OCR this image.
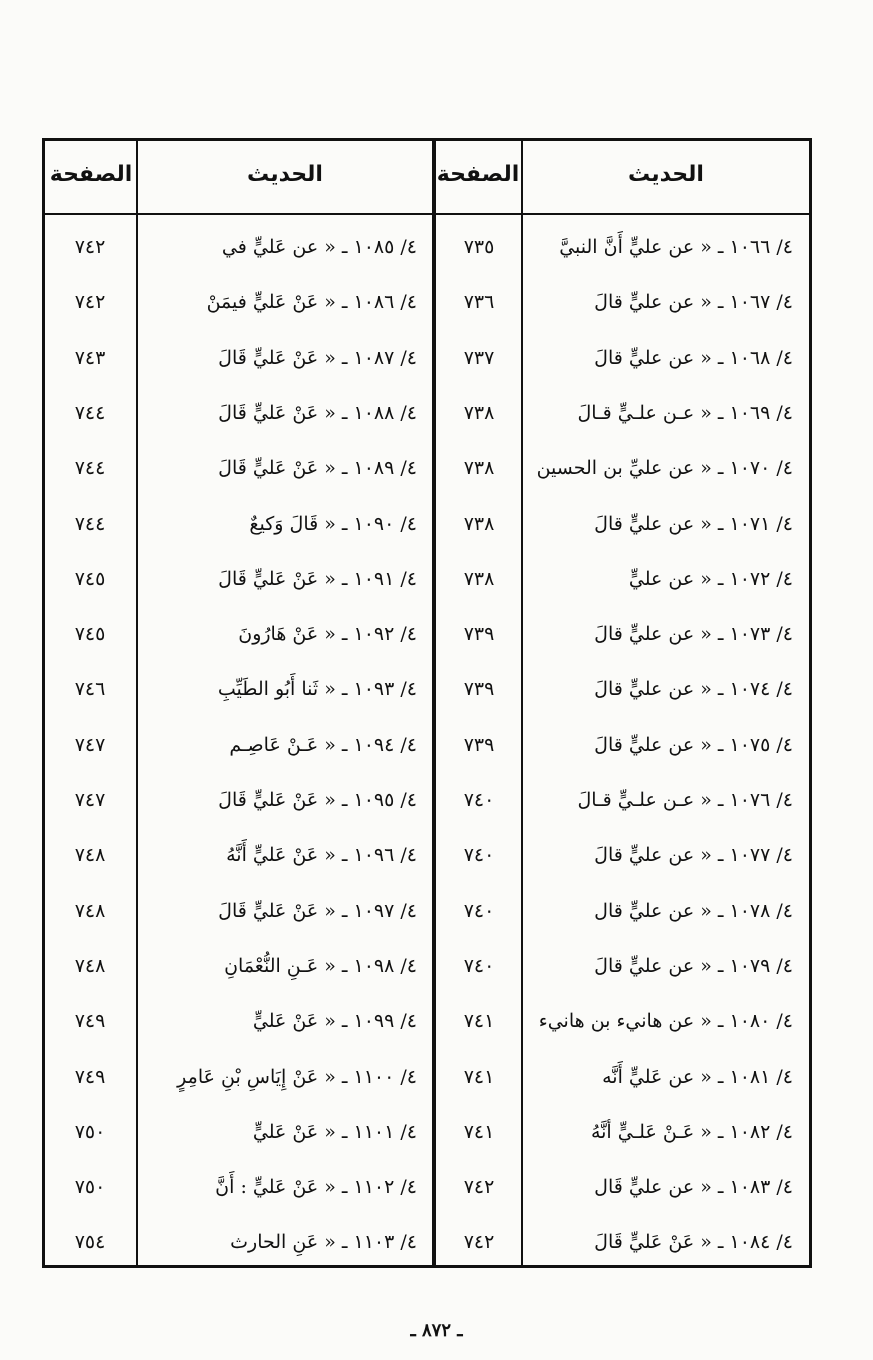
الحديث
الصفحة
الحديث
الصفحة
٤/ ١٠٦٦ ـ « عن عليٍّ أَنَّ النبيَّ
٧٣٥
٤/ ١٠٦٧ ـ « عن عليٍّ قالَ
٧٣٦
٤/ ١٠٦٨ ـ « عن عليٍّ قالَ
٧٣٧
٤/ ١٠٦٩ ـ « عـن علـيٍّ قـالَ
٧٣٨
٤/ ١٠٧٠ ـ « عن عليِّ بن الحسين
٧٣٨
٤/ ١٠٧١ ـ « عن عليٍّ قالَ
٧٣٨
٤/ ١٠٧٢ ـ « عن عليٍّ
٧٣٨
٤/ ١٠٧٣ ـ « عن عليٍّ قالَ
٧٣٩
٤/ ١٠٧٤ ـ « عن عليٍّ قالَ
٧٣٩
٤/ ١٠٧٥ ـ « عن عليٍّ قالَ
٧٣٩
٤/ ١٠٧٦ ـ « عـن علـيٍّ قـالَ
٧٤٠
٤/ ١٠٧٧ ـ « عن عليٍّ قالَ
٧٤٠
٤/ ١٠٧٨ ـ « عن عليٍّ قال
٧٤٠
٤/ ١٠٧٩ ـ « عن عليٍّ قالَ
٧٤٠
٤/ ١٠٨٠ ـ « عن هانيء بن هانيء
٧٤١
٤/ ١٠٨١ ـ « عن عَليٍّ أَنَّه
٧٤١
٤/ ١٠٨٢ ـ « عَـنْ عَلـيٍّ أنَّهُ
٧٤١
٤/ ١٠٨٣ ـ « عن عليٍّ قَال
٧٤٢
٤/ ١٠٨٤ ـ « عَنْ عَليٍّ قَالَ
٧٤٢
٤/ ١٠٨٥ ـ « عن عَليٍّ في
٧٤٢
٤/ ١٠٨٦ ـ « عَنْ عَليٍّ فيمَنْ
٧٤٢
٤/ ١٠٨٧ ـ « عَنْ عَليٍّ قَالَ
٧٤٣
٤/ ١٠٨٨ ـ « عَنْ عَليٍّ قَالَ
٧٤٤
٤/ ١٠٨٩ ـ « عَنْ عَليٍّ قَالَ
٧٤٤
٤/ ١٠٩٠ ـ « قَالَ وَكيعٌ
٧٤٤
٤/ ١٠٩١ ـ « عَنْ عَليٍّ قَالَ
٧٤٥
٤/ ١٠٩٢ ـ « عَنْ هَارُونَ
٧٤٥
٤/ ١٠٩٣ ـ « ثَنا أَبُو الطَيِّبِ
٧٤٦
٤/ ١٠٩٤ ـ « عَـنْ عَاصِـم
٧٤٧
٤/ ١٠٩٥ ـ « عَنْ عَليٍّ قَالَ
٧٤٧
٤/ ١٠٩٦ ـ « عَنْ عَليٍّ أَنَّهُ
٧٤٨
٤/ ١٠٩٧ ـ « عَنْ عَليٍّ قَالَ
٧٤٨
٤/ ١٠٩٨ ـ « عَـنِ النُّعْمَانِ
٧٤٨
٤/ ١٠٩٩ ـ « عَنْ عَليٍّ
٧٤٩
٤/ ١١٠٠ ـ « عَنْ إِيَاسِ بْنِ عَامِرٍ
٧٤٩
٤/ ١١٠١ ـ « عَنْ عَليٍّ
٧٥٠
٤/ ١١٠٢ ـ « عَنْ عَليٍّ : أَنَّ
٧٥٠
٤/ ١١٠٣ ـ « عَنِ الحارث
٧٥٤
ـ ٨٧٢ ـ
